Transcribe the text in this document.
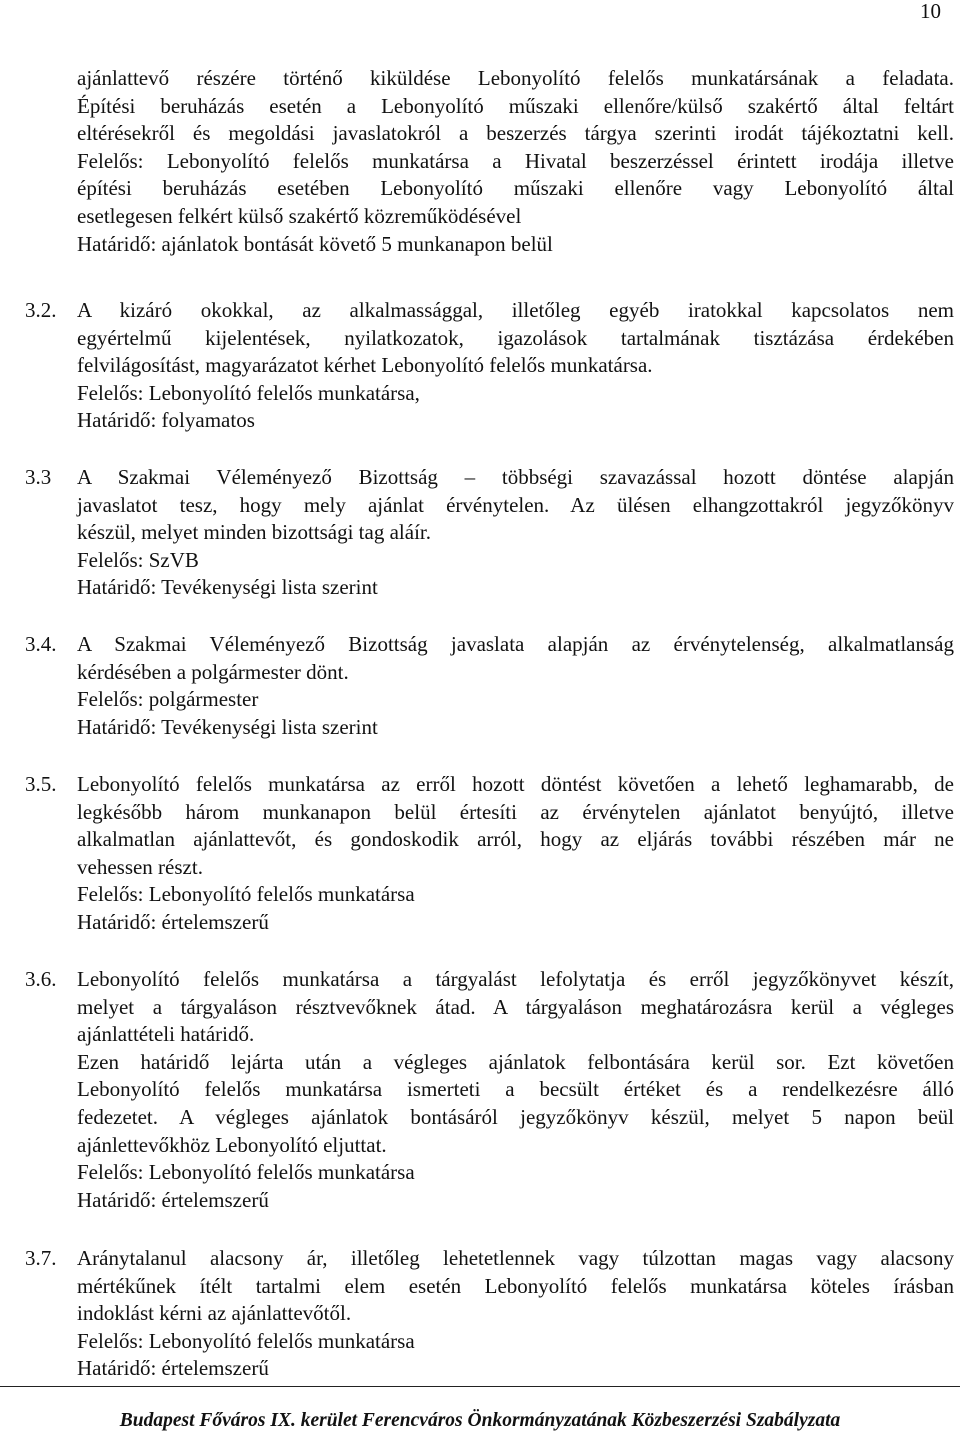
10
ajánlattevő részére történő kiküldése Lebonyolító felelős munkatársának a feladata.
Építési beruházás esetén a Lebonyolító műszaki ellenőre/külső szakértő által feltárt
eltérésekről és megoldási javaslatokról a beszerzés tárgya szerinti irodát tájékoztatni kell.
Felelős: Lebonyolító felelős munkatársa a Hivatal beszerzéssel érintett irodája illetve
építési beruházás esetében Lebonyolító műszaki ellenőre vagy Lebonyolító által
esetlegesen felkért külső szakértő közreműködésével
Határidő: ajánlatok bontását követő 5 munkanapon belül
3.2. A kizáró okokkal, az alkalmassággal, illetőleg egyéb iratokkal kapcsolatos nem
egyértelmű kijelentések, nyilatkozatok, igazolások tartalmának tisztázása érdekében
felvilágosítást, magyarázatot kérhet Lebonyolító felelős munkatársa.
Felelős: Lebonyolító felelős munkatársa,
Határidő: folyamatos
3.3	A Szakmai Véleményező Bizottság – többségi szavazással hozott döntése alapján
javaslatot tesz, hogy mely ajánlat érvénytelen. Az ülésen elhangzottakról jegyzőkönyv
készül, melyet minden bizottsági tag aláír.
Felelős: SzVB
Határidő: Tevékenységi lista szerint
3.4. A Szakmai Véleményező Bizottság javaslata alapján az érvénytelenség, alkalmatlanság
kérdésében a polgármester dönt.
Felelős: polgármester
Határidő: Tevékenységi lista szerint
3.5. Lebonyolító felelős munkatársa az erről hozott döntést követően a lehető leghamarabb, de
legkésőbb három munkanapon belül értesíti az érvénytelen ajánlatot benyújtó, illetve
alkalmatlan ajánlattevőt, és gondoskodik arról, hogy az eljárás további részében már ne
vehessen részt.
Felelős: Lebonyolító felelős munkatársa
Határidő: értelemszerű
3.6. Lebonyolító felelős munkatársa a tárgyalást lefolytatja és erről jegyzőkönyvet készít,
melyet a tárgyaláson résztvevőknek átad. A tárgyaláson meghatározásra kerül a végleges
ajánlattételi határidő.
Ezen határidő lejárta után a végleges ajánlatok felbontására kerül sor. Ezt követően
Lebonyolító felelős munkatársa ismerteti a becsült értéket és a rendelkezésre álló
fedezetet. A végleges ajánlatok bontásáról jegyzőkönyv készül, melyet 5 napon beül
ajánlettevőkhöz Lebonyolító eljuttat.
Felelős: Lebonyolító felelős munkatársa
Határidő: értelemszerű
3.7. Aránytalanul alacsony ár, illetőleg lehetetlennek vagy túlzottan magas vagy alacsony
mértékűnek ítélt tartalmi elem esetén Lebonyolító felelős munkatársa köteles írásban
indoklást kérni az ajánlattevőtől.
Felelős: Lebonyolító felelős munkatársa
Határidő: értelemszerű
Budapest Főváros IX. kerület Ferencváros Önkormányzatának Közbeszerzési Szabályzata
